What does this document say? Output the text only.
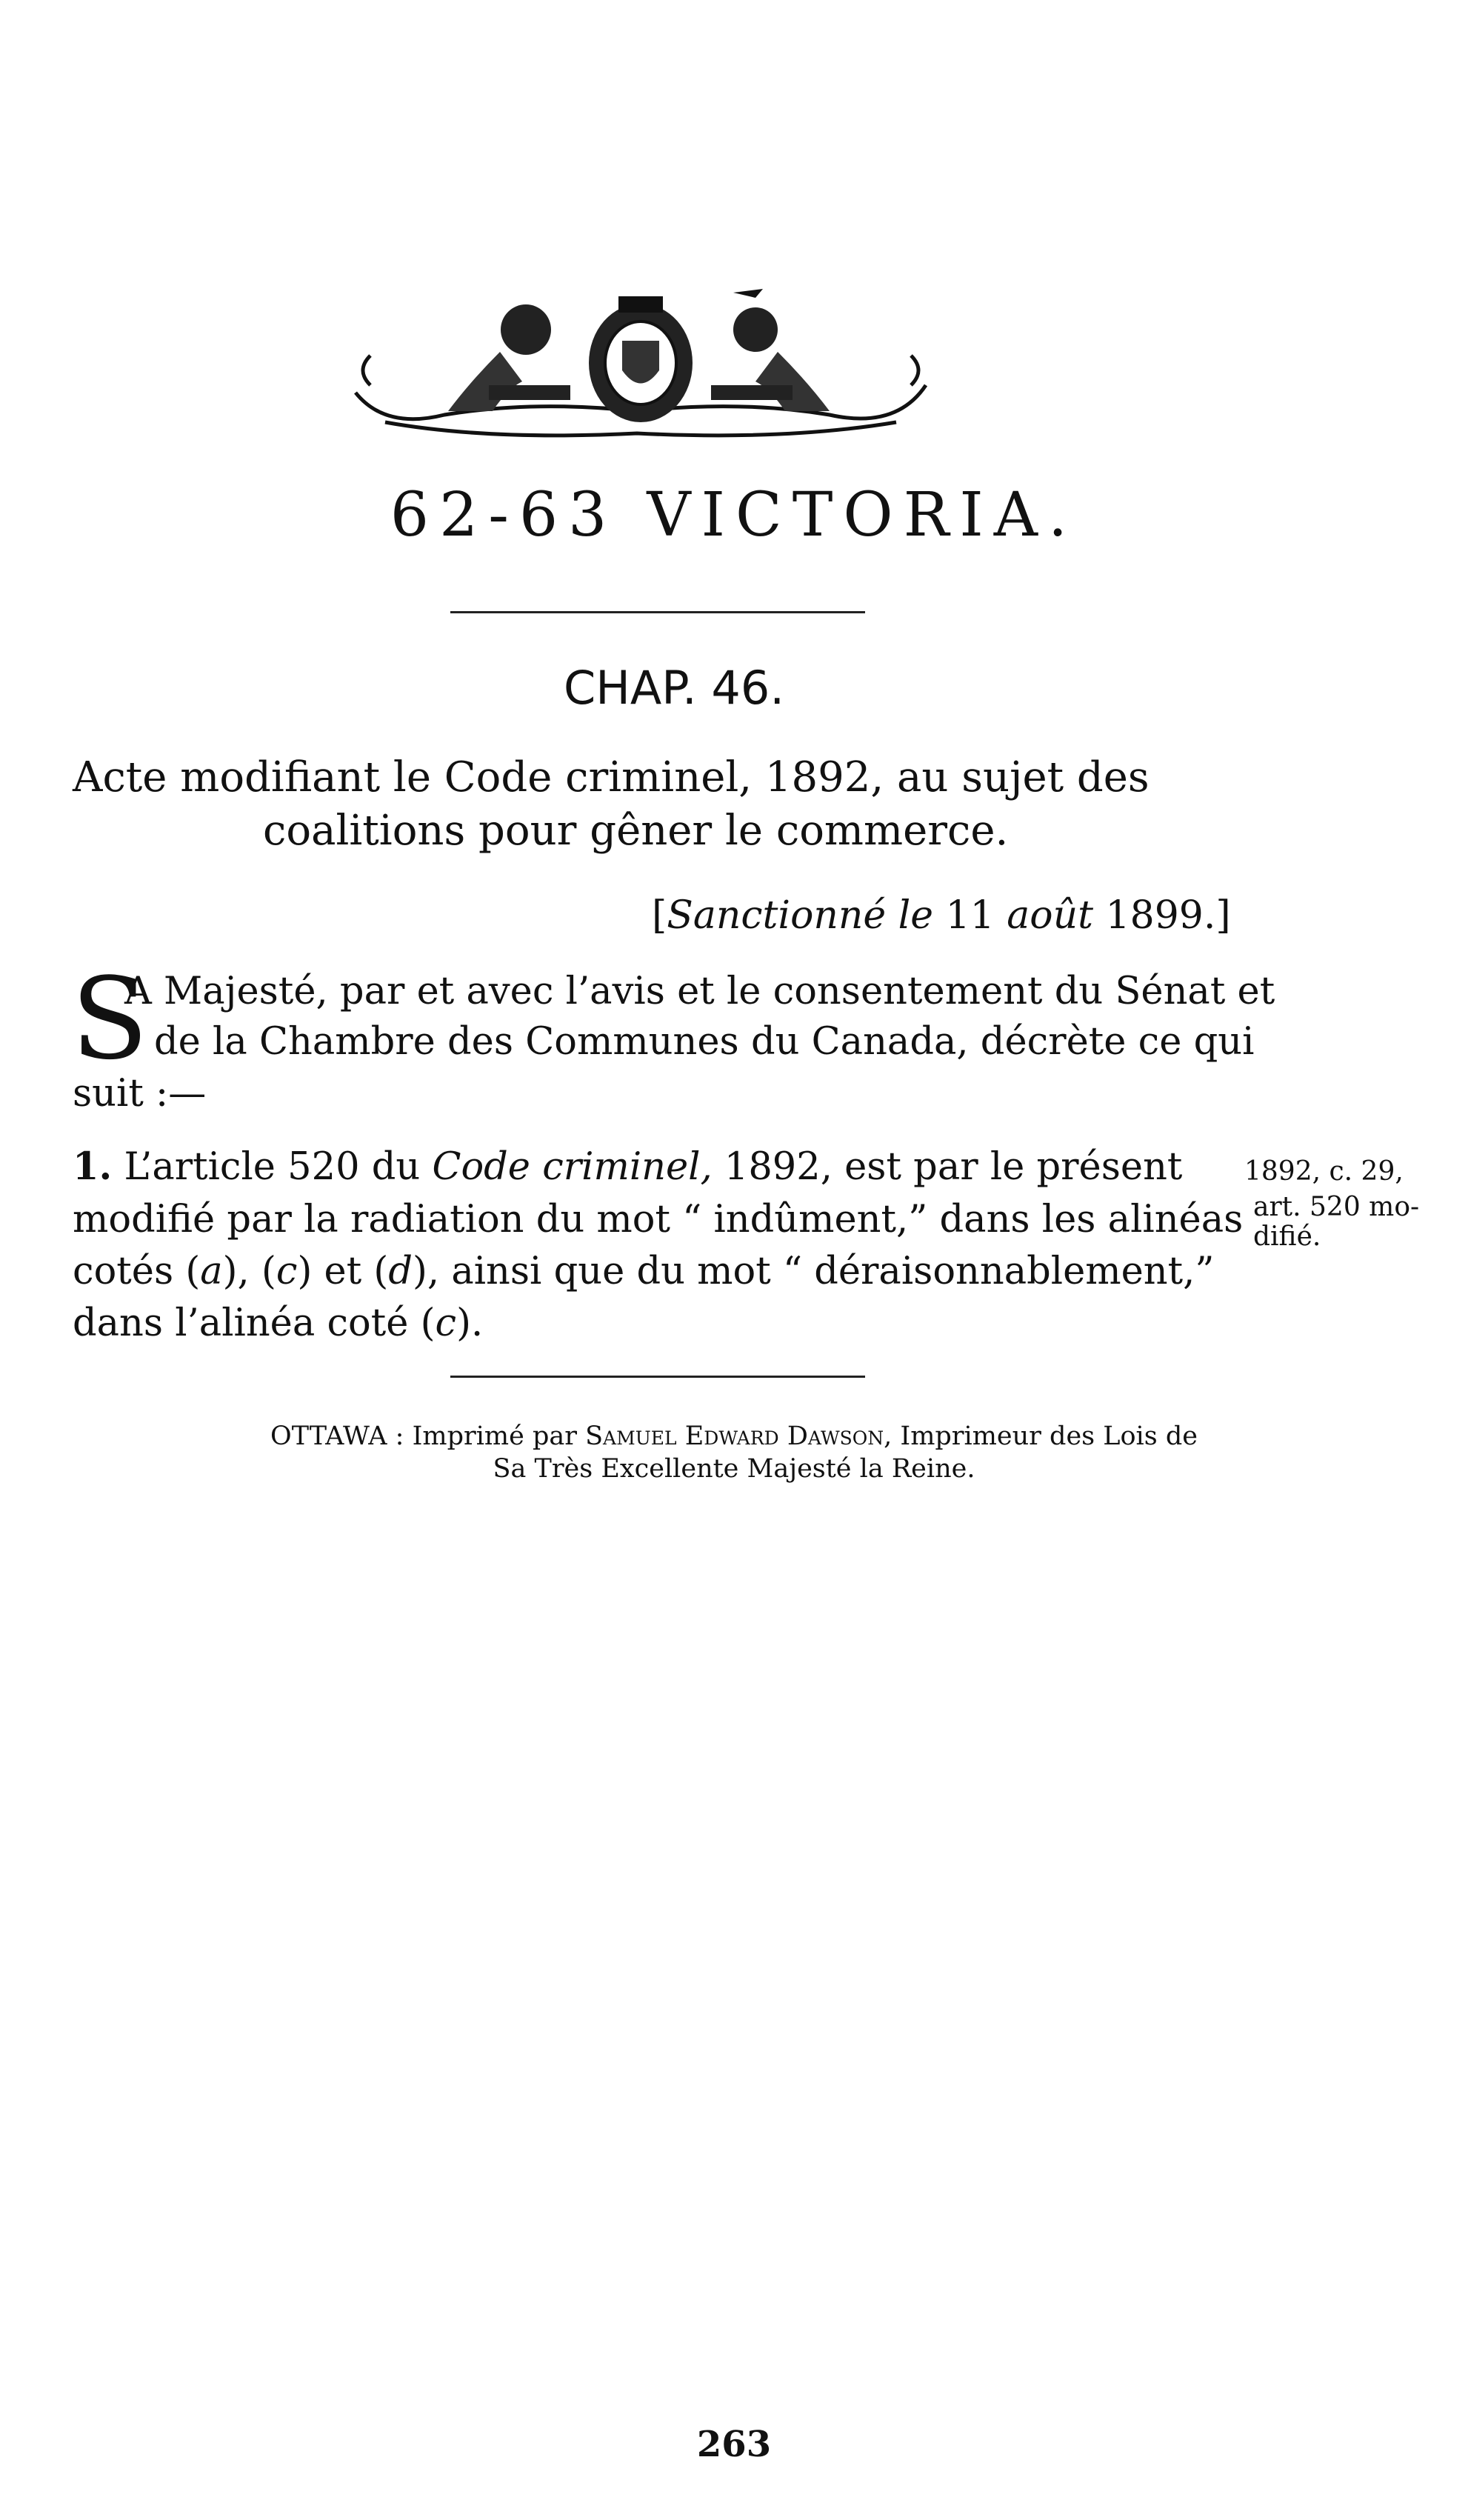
62-63 VICTORIA.
CHAP. 46.
Acte modifiant le Code criminel, 1892, au sujet des
coalitions pour gêner le commerce.
[Sanctionné le 11 août 1899.]
S
A Majesté, par et avec l’avis et le consentement du Sénat et
de la Chambre des Communes du Canada, décrète ce qui
suit :—
1. L’article 520 du Code criminel, 1892, est par le présent
modifié par la radiation du mot “ indûment,” dans les alinéas
cotés (a), (c) et (d), ainsi que du mot “ déraisonnablement,”
dans l’alinéa coté (c).
1892, c. 29,
art. 520 mo-
difié.
OTTAWA : Imprimé par Samuel Edward Dawson, Imprimeur des Lois de
Sa Très Excellente Majesté la Reine.
263
